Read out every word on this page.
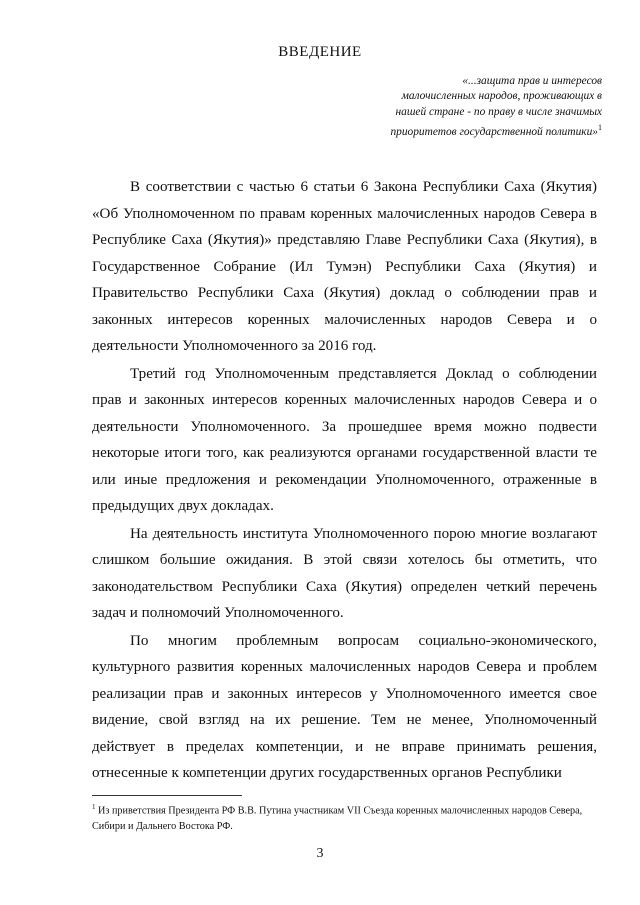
ВВЕДЕНИЕ
«...защита прав и интересов
малочисленных народов, проживающих в
нашей стране - по праву в числе значимых
приоритетов государственной политики»$^1$

В соответствии с частью 6 статьи 6 Закона Республики Саха (Якутия) «Об Уполномоченном по правам коренных малочисленных народов Севера в Республике Саха (Якутия)» представляю Главе Республики Саха (Якутия), в Государственное Собрание (Ил Тумэн) Республики Саха (Якутия) и Правительство Республики Саха (Якутия) доклад о соблюдении прав и законных интересов коренных малочисленных народов Севера и о деятельности Уполномоченного за 2016 год.

Третий год Уполномоченным представляется Доклад о соблюдении прав и законных интересов коренных малочисленных народов Севера и о деятельности Уполномоченного. За прошедшее время можно подвести некоторые итоги того, как реализуются органами государственной власти те или иные предложения и рекомендации Уполномоченного, отраженные в предыдущих двух докладах.

На деятельность института Уполномоченного порою многие возлагают слишком большие ожидания. В этой связи хотелось бы отметить, что законодательством Республики Саха (Якутия) определен четкий перечень задач и полномочий Уполномоченного.

По многим проблемным вопросам социально-экономического, культурного развития коренных малочисленных народов Севера и проблем реализации прав и законных интересов у Уполномоченного имеется свое видение, свой взгляд на их решение. Тем не менее, Уполномоченный действует в пределах компетенции, и не вправе принимать решения, отнесенные к компетенции других государственных органов Республики

$^1$ Из приветствия Президента РФ В.В. Путина участникам VII Съезда коренных малочисленных народов Севера, Сибири и Дальнего Востока РФ.
3
